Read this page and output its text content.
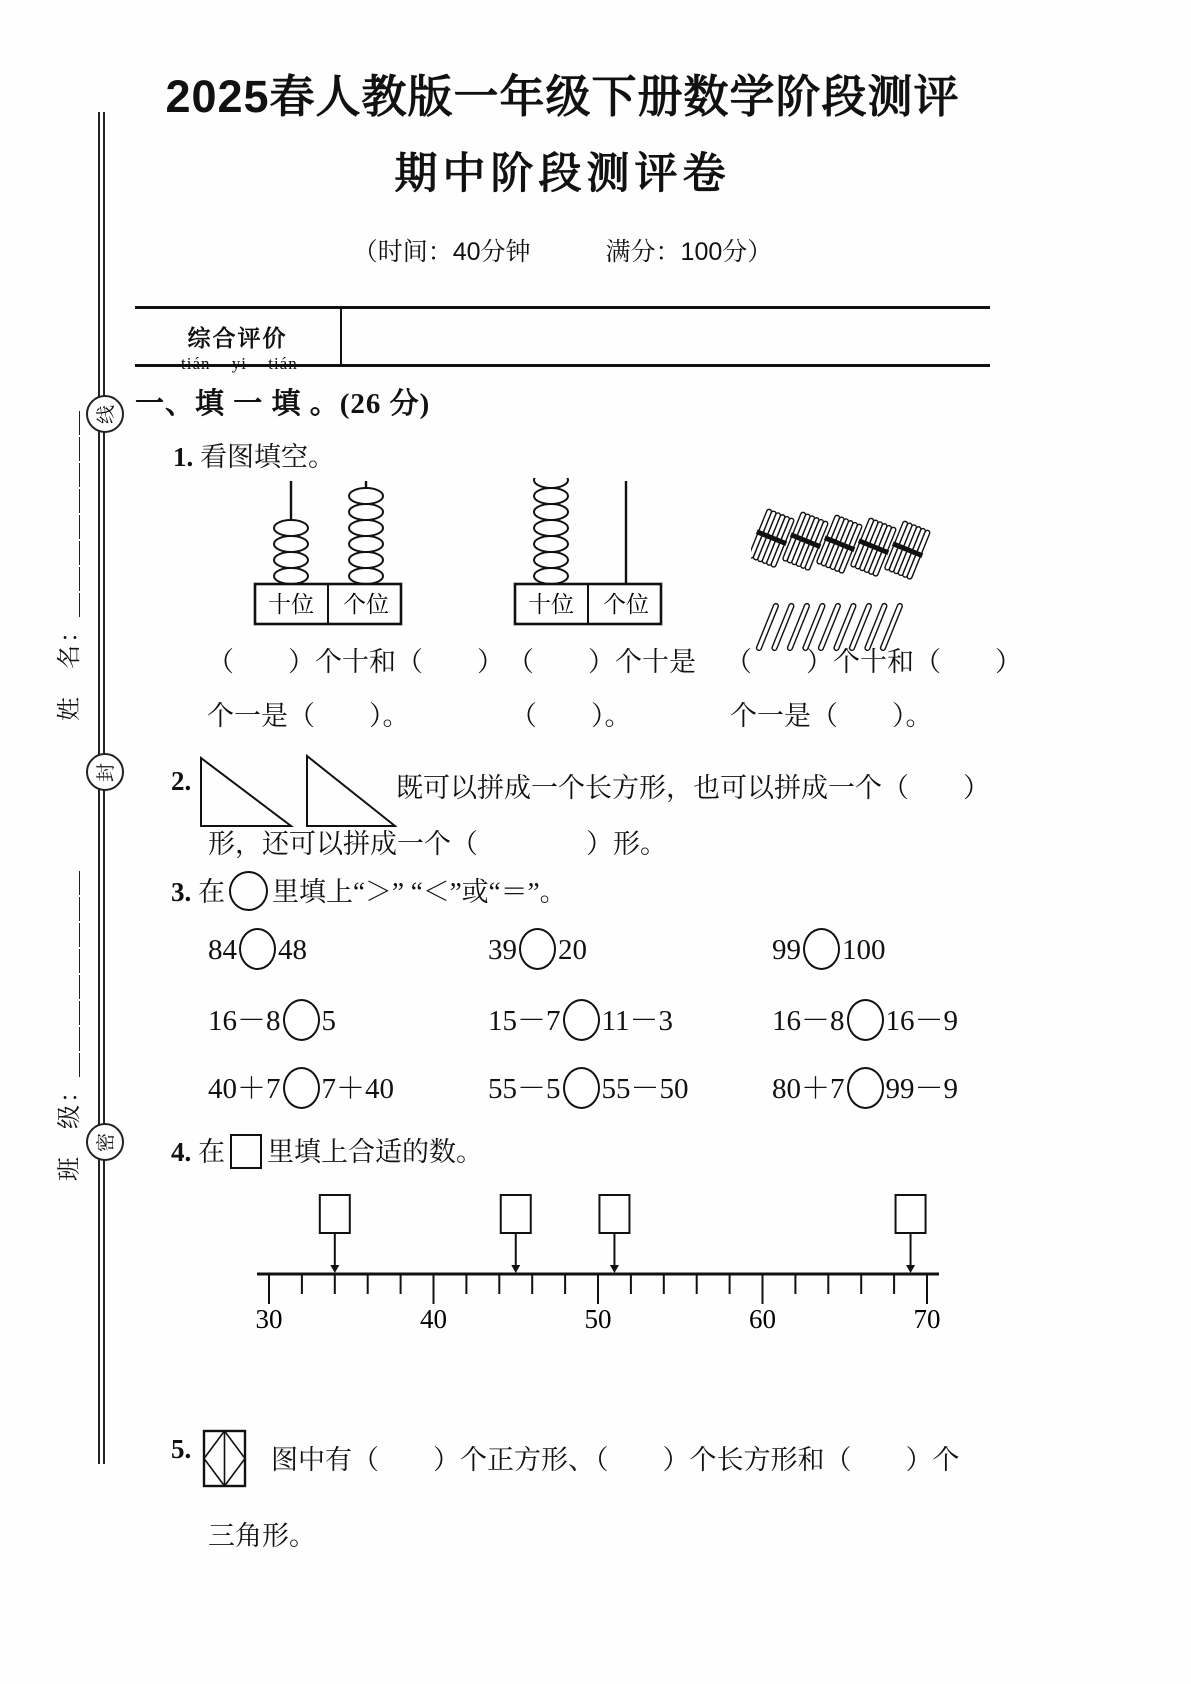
线
封
密
姓　名：＿＿＿＿＿＿＿＿
班　级：＿＿＿＿＿＿＿＿
2025春人教版一年级下册数学阶段测评
期中阶段测评卷
（时间：40分钟　　　满分：100分）
综合评价
tián yi tián
一、填 一 填 。(26 分)
1. 看图填空。
十位 个位	十位 个位
（　　）个十和（　　） （　　）个十是 （　　）个十和（　　）
个一是（　　）。	（　　）。	个一是（　　）。
2.	既可以拼成一个长方形，也可以拼成一个（　　）
形，还可以拼成一个（　　　　）形。
3. 在 里填上“＞” “＜”或“＝”。
84 48	39 20	99 100
16－8 5	15－7 11－3	16－8 16－9
40＋7 7＋40	55－5 55－50	80＋7 99－9
4. 在 里填上合适的数。
30	40	50	60	70
5.	图中有（　　）个正方形、（　　）个长方形和（　　）个
三角形。
